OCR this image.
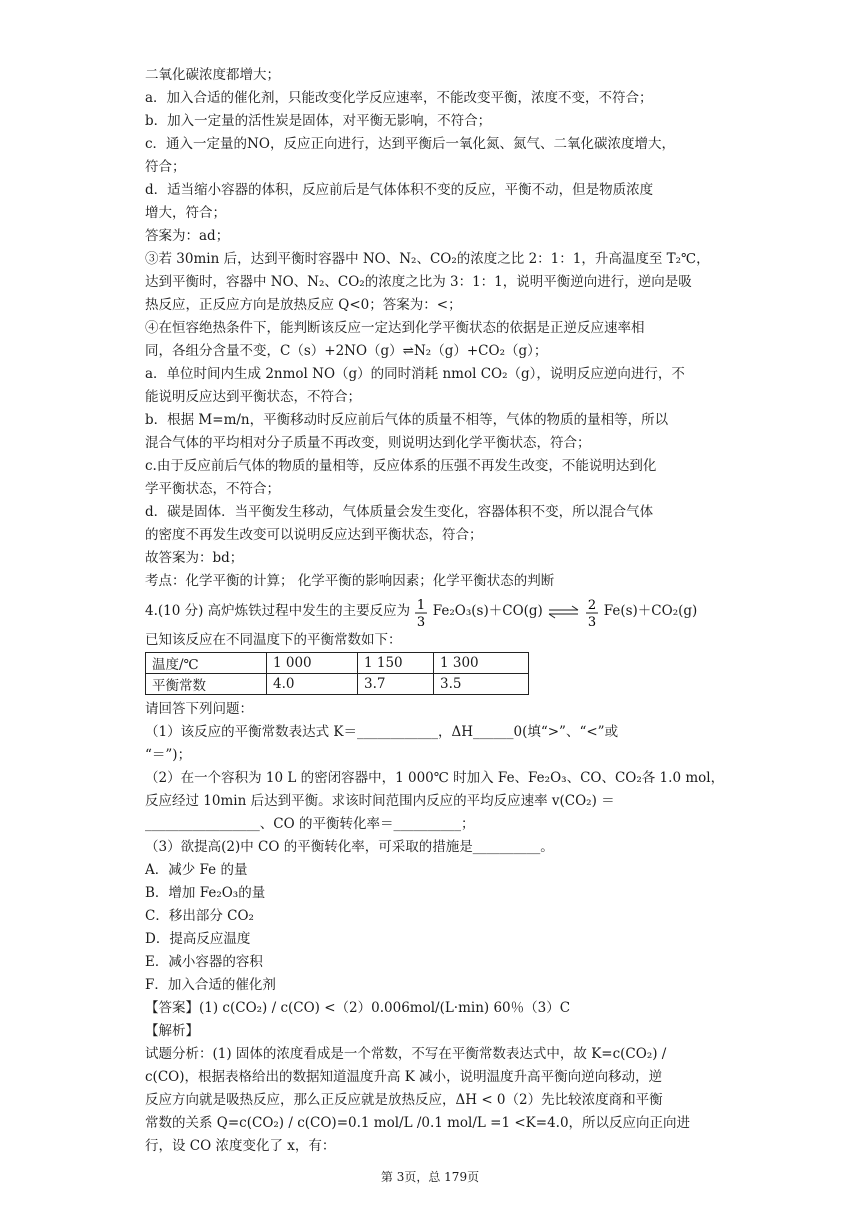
二氧化碳浓度都增大；
a．加入合适的催化剂，只能改变化学反应速率，不能改变平衡，浓度不变，不符合；
b．加入一定量的活性炭是固体，对平衡无影响，不符合；
c．通入一定量的NO，反应正向进行，达到平衡后一氧化氮、氮气、二氧化碳浓度增大，
符合；
d．适当缩小容器的体积，反应前后是气体体积不变的反应，平衡不动，但是物质浓度
增大，符合；
答案为：ad；
③若 30min 后，达到平衡时容器中 NO、N₂、CO₂的浓度之比 2：1：1，升高温度至 T₂℃，
达到平衡时，容器中 NO、N₂、CO₂的浓度之比为 3：1：1，说明平衡逆向进行，逆向是吸
热反应，正反应方向是放热反应 Q<0；答案为：<；
④在恒容绝热条件下，能判断该反应一定达到化学平衡状态的依据是正逆反应速率相
同，各组分含量不变，C（s）+2NO（g）⇌N₂（g）+CO₂（g）；
a．单位时间内生成 2nmol NO（g）的同时消耗 nmol CO₂（g），说明反应逆向进行，不
能说明反应达到平衡状态，不符合；
b．根据 M=m/n，平衡移动时反应前后气体的质量不相等，气体的物质的量相等，所以
混合气体的平均相对分子质量不再改变，则说明达到化学平衡状态，符合；
c.由于反应前后气体的物质的量相等，反应体系的压强不再发生改变，不能说明达到化
学平衡状态，不符合；
d．碳是固体．当平衡发生移动，气体质量会发生变化，容器体积不变，所以混合气体
的密度不再发生改变可以说明反应达到平衡状态，符合；
故答案为：bd；
考点：化学平衡的计算； 化学平衡的影响因素；化学平衡状态的判断
4.(10 分) 高炉炼铁过程中发生的主要反应为 1
3
Fe₂O₃(s)＋CO(g) ⇌ 2
3
Fe(s)＋CO₂(g)
已知该反应在不同温度下的平衡常数如下：
温度/℃	1 000	1 150	1 300
平衡常数	4.0	3.7	3.5
请回答下列问题：
（1）该反应的平衡常数表达式 K＝____________，ΔH______0(填“>”、“<”或
“＝”)；
（2）在一个容积为 10 L 的密闭容器中，1 000℃ 时加入 Fe、Fe₂O₃、CO、CO₂各 1.0 mol，
反应经过 10min 后达到平衡。求该时间范围内反应的平均反应速率 v(CO₂) ＝
_________________、CO 的平衡转化率＝__________；
（3）欲提高(2)中 CO 的平衡转化率，可采取的措施是__________。
A．减少 Fe 的量
B．增加 Fe₂O₃的量
C．移出部分 CO₂
D．提高反应温度
E．减小容器的容积
F．加入合适的催化剂
【答案】(1) c(CO₂) / c(CO) <（2）0.006mol/(L·min) 60％（3）C
【解析】
试题分析：(1) 固体的浓度看成是一个常数，不写在平衡常数表达式中，故 K=c(CO₂) /
c(CO)，根据表格给出的数据知道温度升高 K 减小，说明温度升高平衡向逆向移动，逆
反应方向就是吸热反应，那么正反应就是放热反应，ΔH < 0（2）先比较浓度商和平衡
常数的关系 Q=c(CO₂) / c(CO)=0.1 mol/L /0.1 mol/L =1 <K=4.0，所以反应向正向进
行，设 CO 浓度变化了 x，有：
第 3页，总 179页
